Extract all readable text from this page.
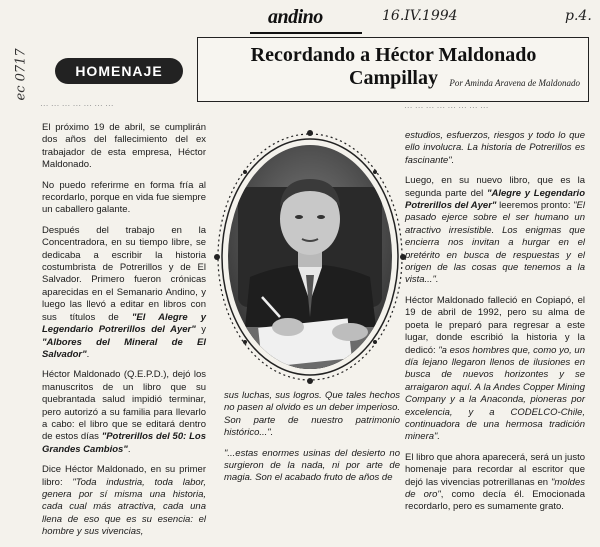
andino	16.IV.1994	p.4.
ec 0717
⋯ ⋯ ⋯ ⋯ ⋯ ⋯ ⋯	⋯ ⋯ ⋯ ⋯ ⋯ ⋯ ⋯ ⋯
HOMENAJE
Recordando a Héctor Maldonado Campillay	Por Aminda Aravena de Maldonado

El próximo 19 de abril, se cumplirán dos años del fallecimiento del ex trabajador de esta empresa, Héctor Maldonado.

No puedo referirme en forma fría al recordarlo, porque en vida fue siempre un caballero galante.

Después del trabajo en la Concentradora, en su tiempo libre, se dedicaba a escribir la historia costumbrista de Potrerillos y de El Salvador. Primero fueron crónicas aparecidas en el Semanario Andino, y luego las llevó a editar en libros con sus títulos de "El Alegre y Legendario Potrerillos del Ayer" y "Albores del Mineral de El Salvador".

Héctor Maldonado (Q.E.P.D.), dejó los manuscritos de un libro que su quebrantada salud impidió terminar, pero autorizó a su familia para llevarlo a cabo: el libro que se editará dentro de estos días "Potrerillos del 50: Los Grandes Cambios".

Dice Héctor Maldonado, en su primer libro: "Toda industria, toda labor, genera por sí misma una historia, cada cual más atractiva, cada una llena de eso que es su esencia: el hombre y sus vivencias,

sus luchas, sus logros. Que tales hechos no pasen al olvido es un deber imperioso. Son parte de nuestro patrimonio histórico...".

"...estas enormes usinas del desierto no surgieron de la nada, ni por arte de magia. Son el acabado fruto de años de

estudios, esfuerzos, riesgos y todo lo que ello involucra. La historia de Potrerillos es fascinante".

Luego, en su nuevo libro, que es la segunda parte del "Alegre y Legendario Potrerillos del Ayer" leeremos pronto: "El pasado ejerce sobre el ser humano un atractivo irresistible. Los enigmas que encierra nos invitan a hurgar en el pretérito en busca de respuestas y el origen de las cosas que tenemos a la vista...".

Héctor Maldonado falleció en Copiapó, el 19 de abril de 1992, pero su alma de poeta le preparó para regresar a este lugar, donde escribió la historia y la dedicó: "a esos hombres que, como yo, un día lejano llegaron llenos de ilusiones en busca de nuevos horizontes y se arraigaron aquí. A la Andes Copper Mining Company y a la Anaconda, pioneras por excelencia, y a CODELCO-Chile, continuadora de una hermosa tradición minera".

El libro que ahora aparecerá, será un justo homenaje para recordar al escritor que dejó las vivencias potrerillanas en "moldes de oro", como decía él. Emocionada recordarlo, pero es sumamente grato.
